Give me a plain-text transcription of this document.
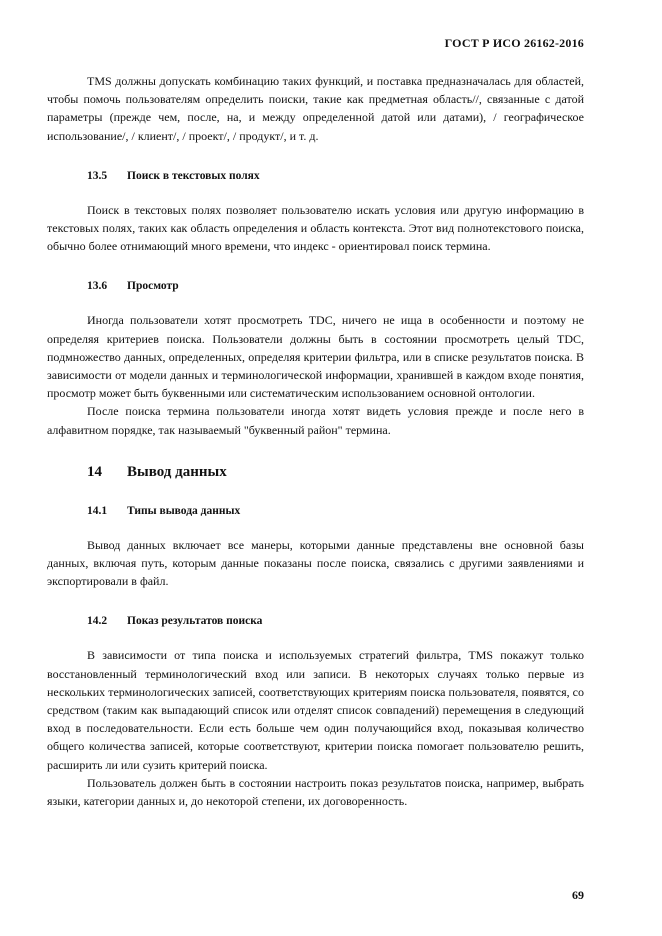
ГОСТ Р ИСО 26162-2016

TMS должны допускать комбинацию таких функций, и поставка предназначалась для областей, чтобы помочь пользователям определить поиски, такие как предметная область//, связанные с датой параметры (прежде чем, после, на, и между определенной датой или датами), / географическое использование/, / клиент/, / проект/, / продукт/, и т. д.

13.5	Поиск в текстовых полях

Поиск в текстовых полях позволяет пользователю искать условия или другую информацию в текстовых полях, таких как область определения и область контекста. Этот вид полнотекстового поиска, обычно более отнимающий много времени, что индекс - ориентировал поиск термина.

13.6	Просмотр

Иногда пользователи хотят просмотреть TDC, ничего не ища в особенности и поэтому не определяя критериев поиска. Пользователи должны быть в состоянии просмотреть целый TDC, подмножество данных, определенных, определяя критерии фильтра, или в списке результатов поиска. В зависимости от модели данных и терминологической информации, хранившей в каждом входе понятия, просмотр может быть буквенными или систематическим использованием основной онтологии.

После поиска термина пользователи иногда хотят видеть условия прежде и после него в алфавитном порядке, так называемый "буквенный район" термина.

14	Вывод данных
14.1	Типы вывода данных

Вывод данных включает все манеры, которыми данные представлены вне основной базы данных, включая путь, которым данные показаны после поиска, связались с другими заявлениями и экспортировали в файл.

14.2	Показ результатов поиска

В зависимости от типа поиска и используемых стратегий фильтра, TMS покажут только восстановленный терминологический вход или записи. В некоторых случаях только первые из нескольких терминологических записей, соответствующих критериям поиска пользователя, появятся, со средством (таким как выпадающий список или отделят список совпадений) перемещения в следующий вход в последовательности. Если есть больше чем один получающийся вход, показывая количество общего количества записей, которые соответствуют, критерии поиска помогает пользователю решить, расширить ли или сузить критерий поиска.

Пользователь должен быть в состоянии настроить показ результатов поиска, например, выбрать языки, категории данных и, до некоторой степени, их договоренность.

69
